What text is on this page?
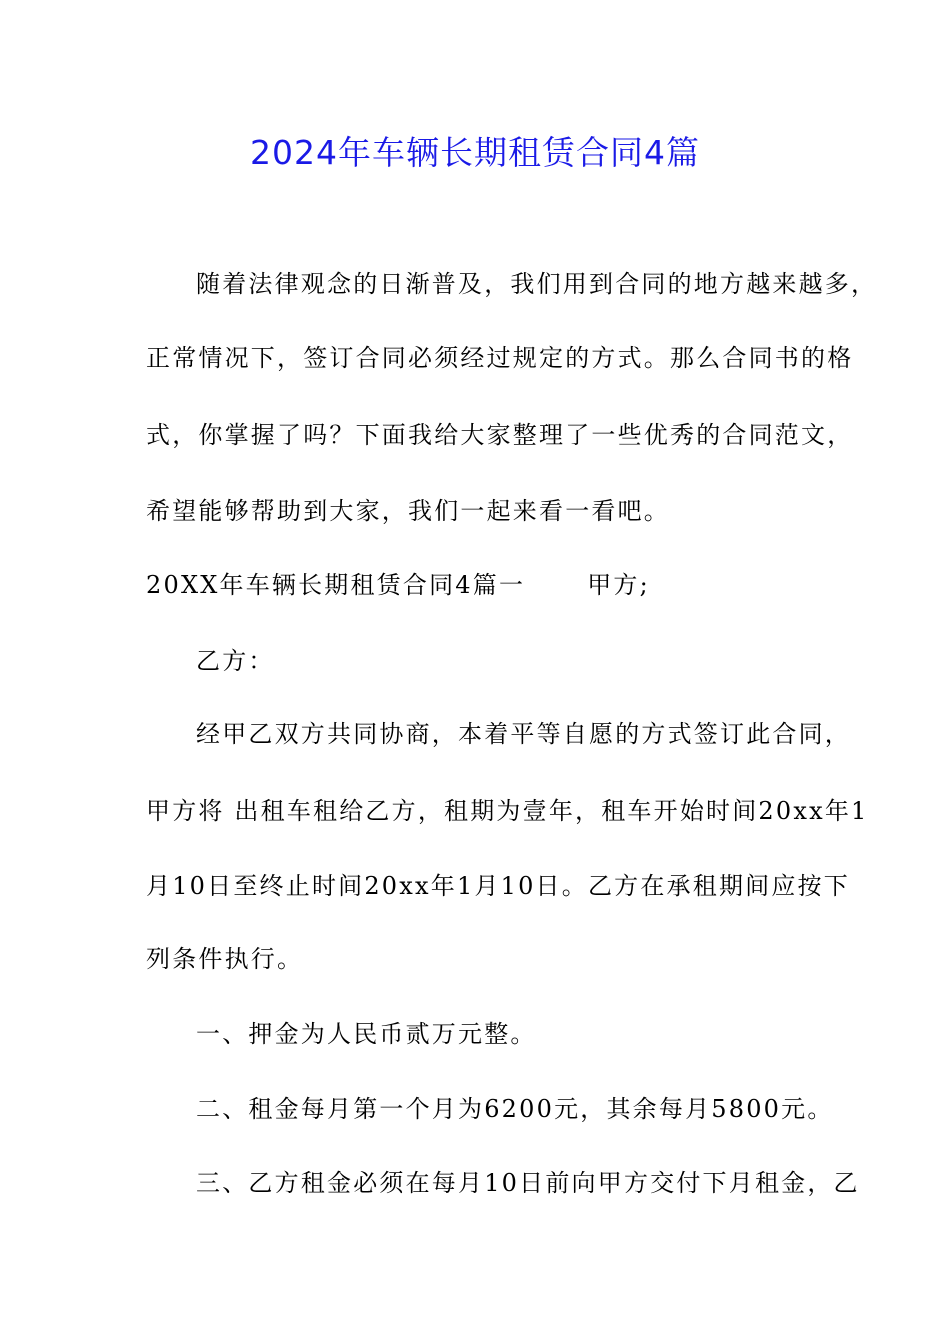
2024年车辆长期租赁合同4篇
随着法律观念的日渐普及，我们用到合同的地方越来越多，
正常情况下，签订合同必须经过规定的方式。那么合同书的格
式，你掌握了吗？下面我给大家整理了一些优秀的合同范文，
希望能够帮助到大家，我们一起来看一看吧。
20XX年车辆长期租赁合同4篇一	甲方;
乙方：
经甲乙双方共同协商，本着平等自愿的方式签订此合同，
甲方将 出租车租给乙方，租期为壹年，租车开始时间20xx年1
月10日至终止时间20xx年1月10日。乙方在承租期间应按下
列条件执行。
一、押金为人民币贰万元整。
二、租金每月第一个月为6200元，其余每月5800元。
三、乙方租金必须在每月10日前向甲方交付下月租金，乙
